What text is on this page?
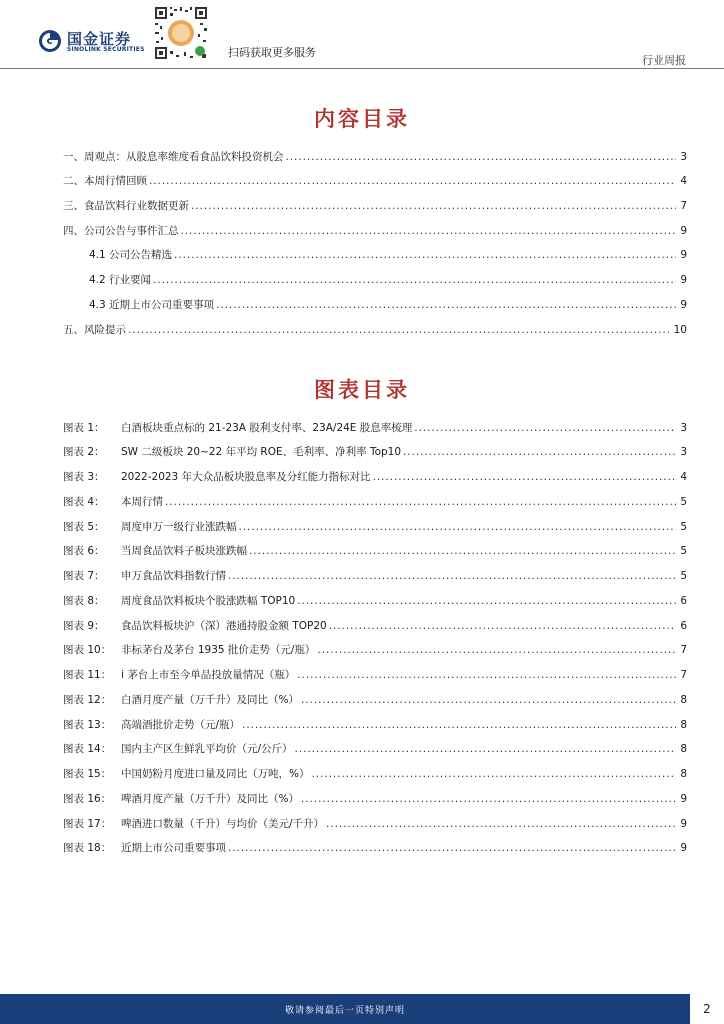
国金证券
SINOLINK SECURITIES	扫码获取更多服务
行业周报
内容目录
一、周观点：从股息率维度看食品饮料投资机会 . . .	3
二、本周行情回顾 . . .	4
三、食品饮料行业数据更新 . . .	7
四、公司公告与事件汇总 . . .	9
4.1 公司公告精选 . . .	9
4.2 行业要闻 . . .	9
4.3 近期上市公司重要事项 . . .	9
五、风险提示 . . .	10
图表目录
图表 1： 白酒板块重点标的 21-23A 股利支付率、23A/24E 股息率梳理 . . .	3
图表 2： SW 二级板块 20~22 年平均 ROE、毛利率、净利率 Top10 . . .	3
图表 3： 2022-2023 年大众品板块股息率及分红能力指标对比 . . .	4
图表 4： 本周行情 . . .	5
图表 5： 周度申万一级行业涨跌幅 . . .	5
图表 6： 当周食品饮料子板块涨跌幅 . . .	5
图表 7： 申万食品饮料指数行情 . . .	5
图表 8： 周度食品饮料板块个股涨跌幅 TOP10 . . .	6
图表 9： 食品饮料板块沪（深）港通持股金额 TOP20 . . .	6
图表 10： 非标茅台及茅台 1935 批价走势（元/瓶） . . .	7
图表 11： i 茅台上市至今单品投放量情况（瓶） . . .	7
图表 12： 白酒月度产量（万千升）及同比（%） . . .	8
图表 13： 高端酒批价走势（元/瓶） . . .	8
图表 14： 国内主产区生鲜乳平均价（元/公斤） . . .	8
图表 15： 中国奶粉月度进口量及同比（万吨，%） . . .	8
图表 16： 啤酒月度产量（万千升）及同比（%） . . .	9
图表 17： 啤酒进口数量（千升）与均价（美元/千升） . . .	9
图表 18： 近期上市公司重要事项 . . .	9
敬请参阅最后一页特别声明	2
